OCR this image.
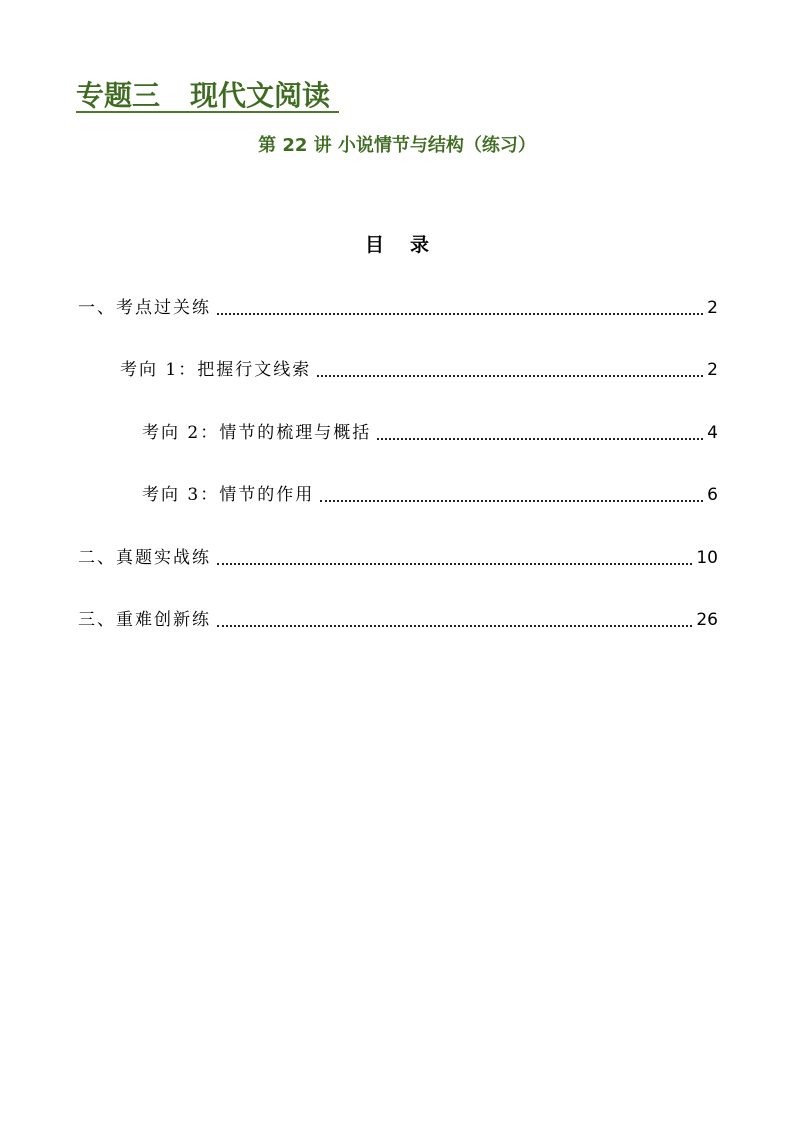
专题三 现代文阅读
第 22 讲 小说情节与结构（练习）
目录
一、考点过关练	2
考向 1：把握行文线索	2
考向 2：情节的梳理与概括	4
考向 3：情节的作用	6
二、真题实战练	10
三、重难创新练	26
